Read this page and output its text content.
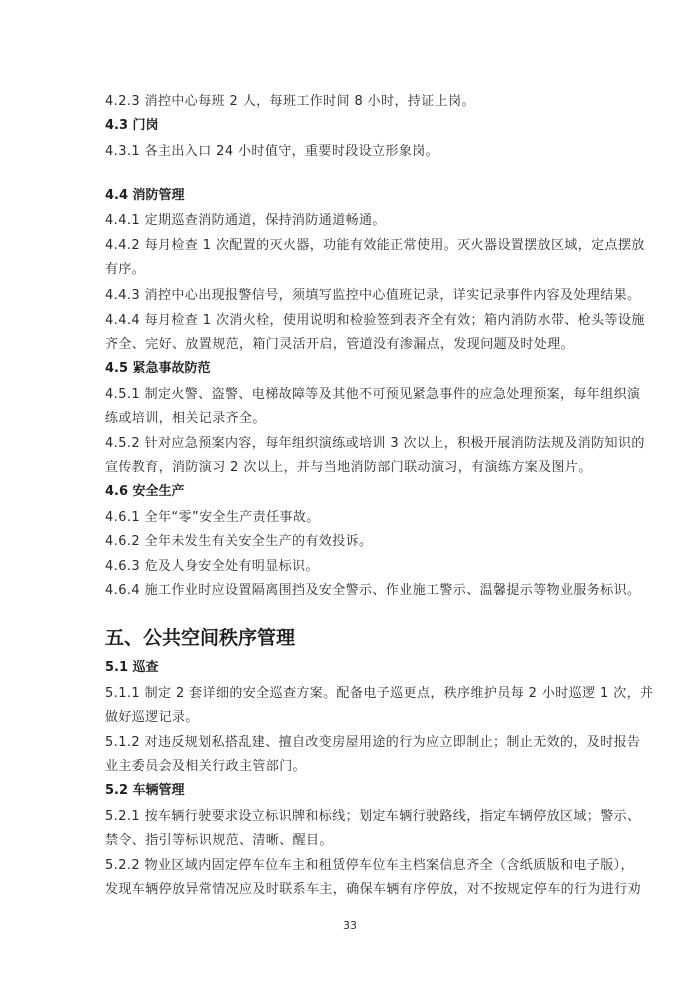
4.2.3 消控中心每班 2 人，每班工作时间 8 小时，持证上岗。
4.3 门岗
4.3.1 各主出入口 24 小时值守，重要时段设立形象岗。
4.4 消防管理
4.4.1 定期巡查消防通道，保持消防通道畅通。
4.4.2 每月检查 1 次配置的灭火器，功能有效能正常使用。灭火器设置摆放区域，定点摆放
有序。
4.4.3 消控中心出现报警信号，须填写监控中心值班记录，详实记录事件内容及处理结果。
4.4.4 每月检查 1 次消火栓，使用说明和检验签到表齐全有效；箱内消防水带、枪头等设施
齐全、完好、放置规范，箱门灵活开启，管道没有渗漏点，发现问题及时处理。
4.5 紧急事故防范
4.5.1 制定火警、盗警、电梯故障等及其他不可预见紧急事件的应急处理预案，每年组织演
练或培训，相关记录齐全。
4.5.2 针对应急预案内容，每年组织演练或培训 3 次以上，积极开展消防法规及消防知识的
宣传教育，消防演习 2 次以上，并与当地消防部门联动演习，有演练方案及图片。
4.6 安全生产
4.6.1 全年“零”安全生产责任事故。
4.6.2 全年未发生有关安全生产的有效投诉。
4.6.3 危及人身安全处有明显标识。
4.6.4 施工作业时应设置隔离围挡及安全警示、作业施工警示、温馨提示等物业服务标识。
五、公共空间秩序管理
5.1 巡查
5.1.1 制定 2 套详细的安全巡查方案。配备电子巡更点，秩序维护员每 2 小时巡逻 1 次，并
做好巡逻记录。
5.1.2 对违反规划私搭乱建、擅自改变房屋用途的行为应立即制止；制止无效的，及时报告
业主委员会及相关行政主管部门。
5.2 车辆管理
5.2.1 按车辆行驶要求设立标识牌和标线；划定车辆行驶路线，指定车辆停放区域；警示、
禁令、指引等标识规范、清晰、醒目。
5.2.2 物业区域内固定停车位车主和租赁停车位车主档案信息齐全（含纸质版和电子版），
发现车辆停放异常情况应及时联系车主，确保车辆有序停放，对不按规定停车的行为进行劝
33
